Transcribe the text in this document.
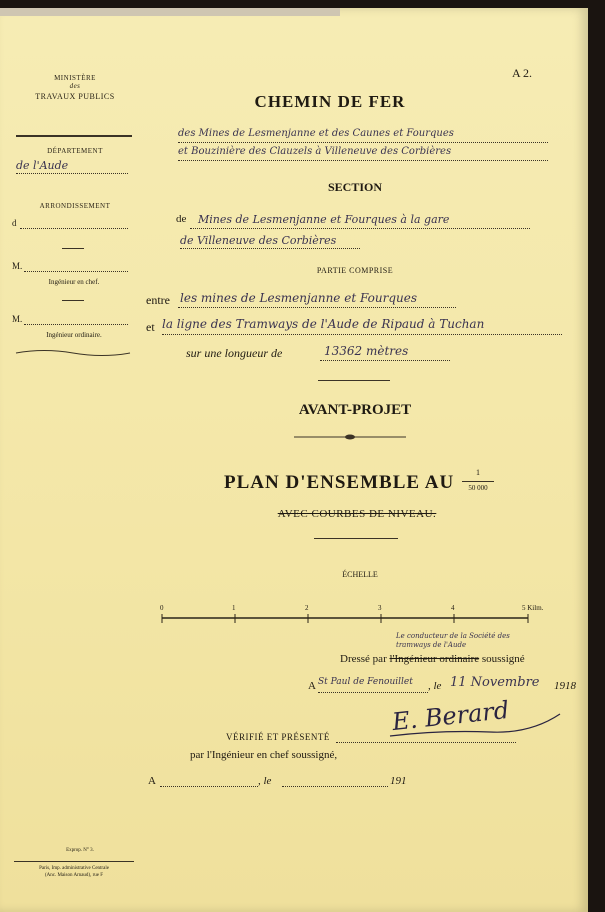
A 2.
MINISTÈRE
des
TRAVAUX PUBLICS
DÉPARTEMENT
de l'Aude
ARRONDISSEMENT
d
M.
Ingénieur en chef.
M.
Ingénieur ordinaire.
CHEMIN DE FER
des Mines de Lesmenjanne et des Caunes et Fourques
et Bouzinière des Clauzels à Villeneuve des Corbières
SECTION
de Mines de Lesmenjanne et Fourques à la gare
de Villeneuve des Corbières
PARTIE COMPRISE
entre les mines de Lesmenjanne et Fourques
et la ligne des Tramways de l'Aude de Ripaud à Tuchan
sur une longueur de	13362 mètres
AVANT-PROJET
PLAN D'ENSEMBLE AU	1
50 000
AVEC COURBES DE NIVEAU.
ÉCHELLE
0	1	2	3	4	5 Kilm.
Le conducteur de la Société des tramways de l'Aude
Dressé par l'Ingénieur ordinaire soussigné
A St Paul de Fenouillet , le 11 Novembre 1918
E. Berard
VÉRIFIÉ ET PRÉSENTÉ
par l'Ingénieur en chef soussigné,
A	, le	191
Exprop. N° 3.
Paris, Imp. administrative Centrale
(Anc. Maison Arnaud), rue F
